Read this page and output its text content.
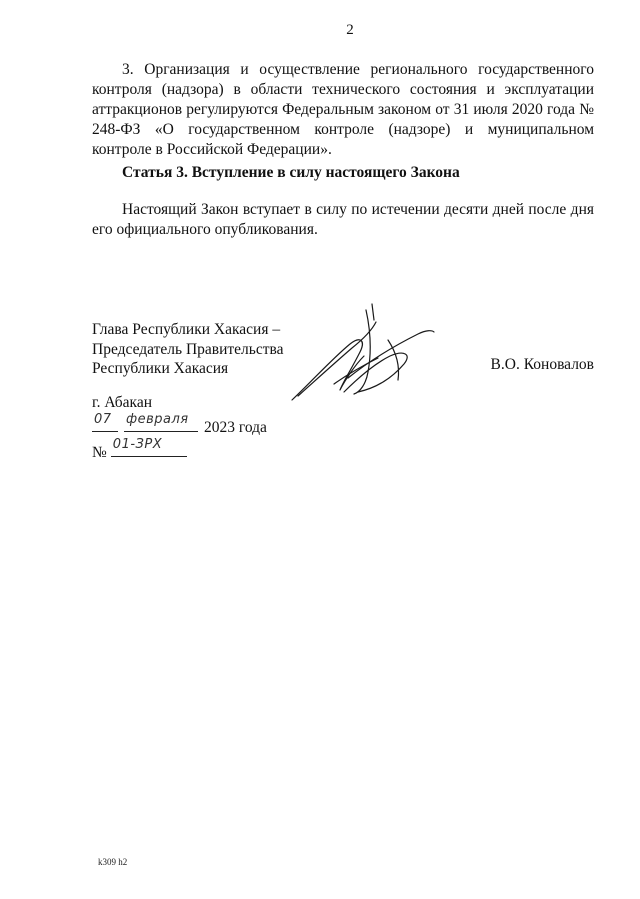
2

3. Организация и осуществление регионального государственного контроля (надзора) в области технического состояния и эксплуатации аттракционов регулируются Федеральным законом от 31 июля 2020 года № 248-ФЗ «О государственном контроле (надзоре) и муниципальном контроле в Российской Федерации».

Статья 3. Вступление в силу настоящего Закона

Настоящий Закон вступает в силу по истечении десяти дней после дня его официального опубликования.

Глава Республики Хакасия –
Председатель Правительства
Республики Хакасия	В.О. Коновалов
г. Абакан
07 февраля 2023 года
№ 01-ЗРХ
k309 h2
